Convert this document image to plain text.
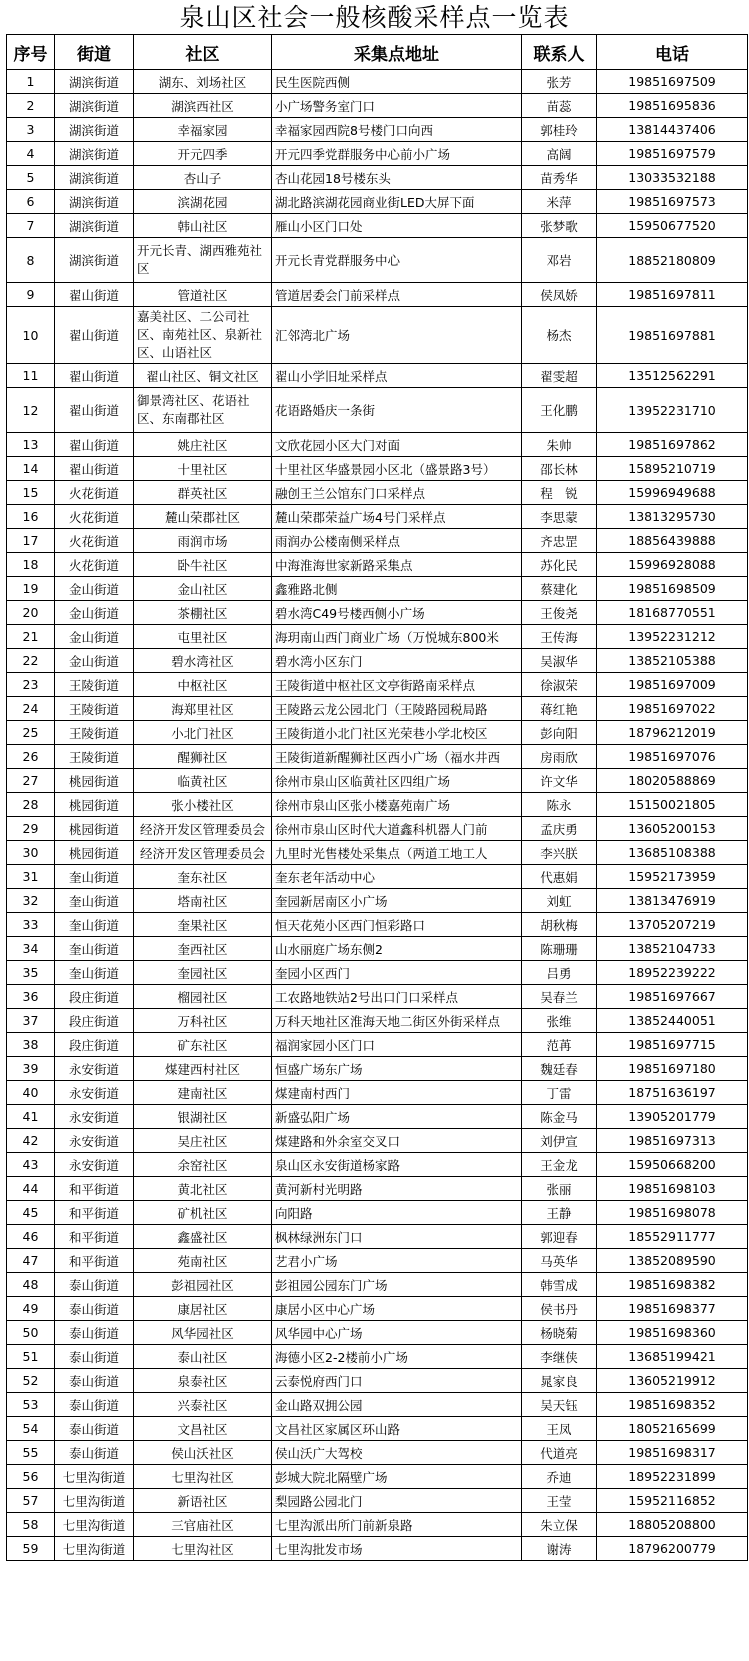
泉山区社会一般核酸采样点一览表
序号	街道	社区	采集点地址	联系人	电话
1	湖滨街道	湖东、刘场社区	民生医院西侧	张芳	19851697509
2	湖滨街道	湖滨西社区	小广场警务室门口	苗蕊	19851695836
3	湖滨街道	幸福家园	幸福家园西院8号楼门口向西	郭桂玲	13814437406
4	湖滨街道	开元四季	开元四季党群服务中心前小广场	高阔	19851697579
5	湖滨街道	杏山子	杏山花园18号楼东头	苗秀华	13033532188
6	湖滨街道	滨湖花园	湖北路滨湖花园商业街LED大屏下面	米萍	19851697573
7	湖滨街道	韩山社区	雁山小区门口处	张梦歌	15950677520
8	湖滨街道	开元长青、湖西雅苑社区	开元长青党群服务中心	邓岩	18852180809
9	翟山街道	管道社区	管道居委会门前采样点	侯凤娇	19851697811
10	翟山街道	嘉美社区、二公司社区、南苑社区、泉新社区、山语社区	汇邻湾北广场	杨杰	19851697881
11	翟山街道	翟山社区、铜文社区	翟山小学旧址采样点	翟雯超	13512562291
12	翟山街道	御景湾社区、花语社区、东南郡社区	花语路婚庆一条街	王化鹏	13952231710
13	翟山街道	姚庄社区	文欣花园小区大门对面	朱帅	19851697862
14	翟山街道	十里社区	十里社区华盛景园小区北（盛景路3号）	邵长林	15895210719
15	火花街道	群英社区	融创王兰公馆东门口采样点	程　锐	15996949688
16	火花街道	麓山荣郡社区	麓山荣郡荣益广场4号门采样点	李思蒙	13813295730
17	火花街道	雨润市场	雨润办公楼南侧采样点	齐忠罡	18856439888
18	火花街道	卧牛社区	中海淮海世家新路采集点	苏化民	15996928088
19	金山街道	金山社区	鑫雅路北侧	蔡建化	19851698509
20	金山街道	茶棚社区	碧水湾C49号楼西侧小广场	王俊尧	18168770551
21	金山街道	屯里社区	海玥南山西门商业广场（万悦城东800米	王传海	13952231212
22	金山街道	碧水湾社区	碧水湾小区东门	吴淑华	13852105388
23	王陵街道	中枢社区	王陵街道中枢社区文亭街路南采样点	徐淑荣	19851697009
24	王陵街道	海郑里社区	王陵路云龙公园北门（王陵路园税局路	蒋红艳	19851697022
25	王陵街道	小北门社区	王陵街道小北门社区光荣巷小学北校区	彭向阳	18796212019
26	王陵街道	醒狮社区	王陵街道新醒狮社区西小广场（福水井西	房雨欣	19851697076
27	桃园街道	临黄社区	徐州市泉山区临黄社区四组广场	许文华	18020588869
28	桃园街道	张小楼社区	徐州市泉山区张小楼嘉苑南广场	陈永	15150021805
29	桃园街道	经济开发区管理委员会	徐州市泉山区时代大道鑫科机器人门前	孟庆勇	13605200153
30	桃园街道	经济开发区管理委员会	九里时光售楼处采集点（两道工地工人	李兴朕	13685108388
31	奎山街道	奎东社区	奎东老年活动中心	代惠娟	15952173959
32	奎山街道	塔南社区	奎园新居南区小广场	刘虹	13813476919
33	奎山街道	奎果社区	恒天花苑小区西门恒彩路口	胡秋梅	13705207219
34	奎山街道	奎西社区	山水丽庭广场东侧2	陈珊珊	13852104733
35	奎山街道	奎园社区	奎园小区西门	吕勇	18952239222
36	段庄街道	榴园社区	工农路地铁站2号出口门口采样点	吴春兰	19851697667
37	段庄街道	万科社区	万科天地社区淮海天地二街区外街采样点	张维	13852440051
38	段庄街道	矿东社区	福润家园小区门口	范苒	19851697715
39	永安街道	煤建西村社区	恒盛广场东广场	魏廷春	19851697180
40	永安街道	建南社区	煤建南村西门	丁雷	18751636197
41	永安街道	银湖社区	新盛弘阳广场	陈金马	13905201779
42	永安街道	吴庄社区	煤建路和外余室交叉口	刘伊宣	19851697313
43	永安街道	余窑社区	泉山区永安街道杨家路	王金龙	15950668200
44	和平街道	黄北社区	黄河新村光明路	张丽	19851698103
45	和平街道	矿机社区	向阳路	王静	19851698078
46	和平街道	鑫盛社区	枫林绿洲东门口	郭迎春	18552911777
47	和平街道	苑南社区	艺君小广场	马英华	13852089590
48	泰山街道	彭祖园社区	彭祖园公园东门广场	韩雪成	19851698382
49	泰山街道	康居社区	康居小区中心广场	侯书丹	19851698377
50	泰山街道	风华园社区	风华园中心广场	杨晓菊	19851698360
51	泰山街道	泰山社区	海德小区2-2楼前小广场	李继侠	13685199421
52	泰山街道	泉泰社区	云泰悦府西门口	晁家良	13605219912
53	泰山街道	兴泰社区	金山路双拥公园	吴天钰	19851698352
54	泰山街道	文昌社区	文昌社区家属区环山路	王凤	18052165699
55	泰山街道	侯山沃社区	侯山沃广大驾校	代道亮	19851698317
56	七里沟街道	七里沟社区	彭城大院北隔壁广场	乔迪	18952231899
57	七里沟街道	新语社区	梨园路公园北门	王莹	15952116852
58	七里沟街道	三官庙社区	七里沟派出所门前新泉路	朱立保	18805208800
59	七里沟街道	七里沟社区	七里沟批发市场	谢涛	18796200779
